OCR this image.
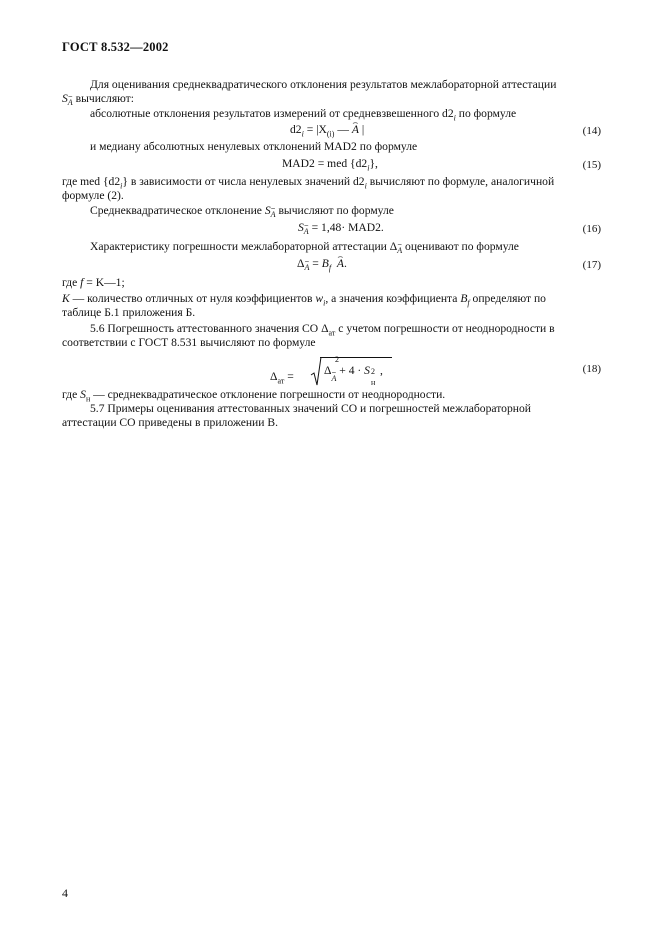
ГОСТ 8.532—2002
Для оценивания среднеквадратического отклонения результатов межлабораторной аттестации
$S_A$ вычисляют:
абсолютные отклонения результатов измерений от средневзвешенного $d2_i$ по формуле
$d2_i = |X_{(i)}$ — ⌢ A |	(14)
и медиану абсолютных ненулевых отклонений MAD2 по формуле
MAD2 = med $\{d2_i\}$,	(15)
где med $\{d2_i\}$ в зависимости от числа ненулевых значений $d2_i$ вычисляют по формуле, аналогичной
формуле (2).
Среднеквадратическое отклонение $S_A$ вычисляют по формуле
$S_A = 1,48\cdot MAD2$.	(16)
Характеристику погрешности межлабораторной аттестации $\Delta_A$ оценивают по формуле
$\Delta_A = B_f$ ⌢ A.	(17)
где f = K—1;
K — количество отличных от нуля коэффициентов $w_i$, а значения коэффициента $B_f$ определяют по
таблице Б.1 приложения Б.
5.6 Погрешность аттестованного значения СО $\Delta_{ат}$ с учетом погрешности от неоднородности в
соответствии с ГОСТ 8.531 вычисляют по формуле
$\Delta_{ат}$ =	$\Delta_A$
2
+ 4 · S 2
н
,	(18)
где $S_н$ — среднеквадратическое отклонение погрешности от неоднородности.
5.7 Примеры оценивания аттестованных значений СО и погрешностей межлабораторной
аттестации СО приведены в приложении В.
4
